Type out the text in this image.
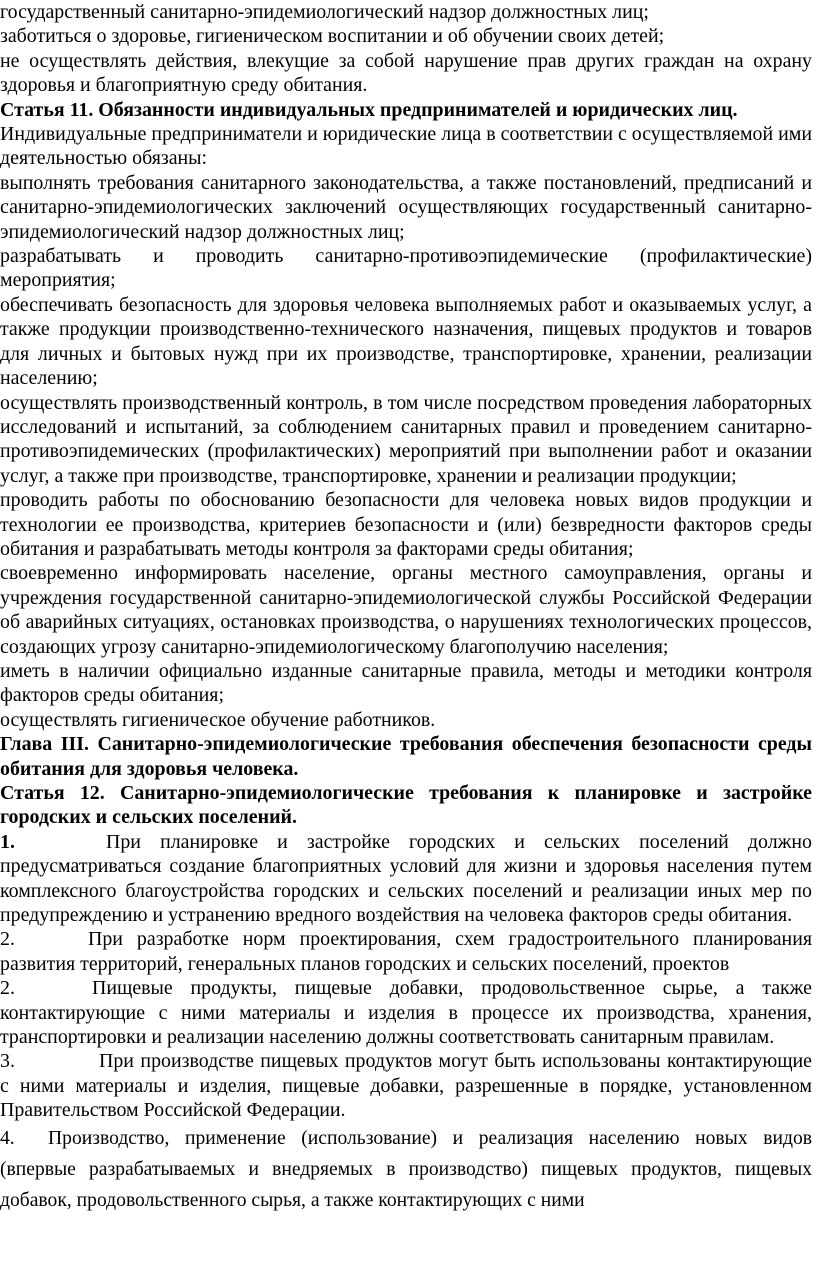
государственный санитарно-эпидемиологический надзор должностных лиц;

заботиться о здоровье, гигиеническом воспитании и об обучении своих детей;

не осуществлять действия, влекущие за собой нарушение прав других граждан на охрану здоровья и благоприятную среду обитания.

Статья 11. Обязанности индивидуальных предпринимателей и юридических лиц.

Индивидуальные предприниматели и юридические лица в соответствии с осуществляемой ими деятельностью обязаны:

выполнять требования санитарного законодательства, а также постановлений, предписаний и санитарно-эпидемиологических заключений осуществляющих государственный санитарно-эпидемиологический надзор должностных лиц;

разрабатывать и проводить санитарно-противоэпидемические (профилактические) мероприятия;

обеспечивать безопасность для здоровья человека выполняемых работ и оказываемых услуг, а также продукции производственно-технического назначения, пищевых продуктов и товаров для личных и бытовых нужд при их производстве, транспортировке, хранении, реализации населению;

осуществлять производственный контроль, в том числе посредством проведения лабораторных исследований и испытаний, за соблюдением санитарных правил и проведением санитарно-противоэпидемических (профилактических) мероприятий при выполнении работ и оказании услуг, а также при производстве, транспортировке, хранении и реализации продукции;

проводить работы по обоснованию безопасности для человека новых видов продукции и технологии ее производства, критериев безопасности и (или) безвредности факторов среды обитания и разрабатывать методы контроля за факторами среды обитания;

своевременно информировать население, органы местного самоуправления, органы и учреждения государственной санитарно-эпидемиологической службы Российской Федерации об аварийных ситуациях, остановках производства, о нарушениях технологических процессов, создающих угрозу санитарно-эпидемиологическому благополучию населения;

иметь в наличии официально изданные санитарные правила, методы и методики контроля факторов среды обитания;

осуществлять гигиеническое обучение работников.

Глава III. Санитарно-эпидемиологические требования обеспечения безопасности среды обитания для здоровья человека.

Статья 12. Санитарно-эпидемиологические требования к планировке и застройке городских и сельских поселений.

1.	При планировке и застройке городских и сельских поселений должно предусматриваться создание благоприятных условий для жизни и здоровья населения путем комплексного благоустройства городских и сельских поселений и реализации иных мер по предупреждению и устранению вредного воздействия на человека факторов среды обитания.

2.	При разработке норм проектирования, схем градостроительного планирования развития территорий, генеральных планов городских и сельских поселений, проектов

2.	Пищевые продукты, пищевые добавки, продовольственное сырье, а также контактирующие с ними материалы и изделия в процессе их производства, хранения, транспортировки и реализации населению должны соответствовать санитарным правилам.

3.	При производстве пищевых продуктов могут быть использованы контактирующие с ними материалы и изделия, пищевые добавки, разрешенные в порядке, установленном Правительством Российской Федерации.

4. Производство, применение (использование) и реализация населению новых видов (впервые разрабатываемых и внедряемых в производство) пищевых продуктов, пищевых добавок, продовольственного сырья, а также контактирующих с ними
